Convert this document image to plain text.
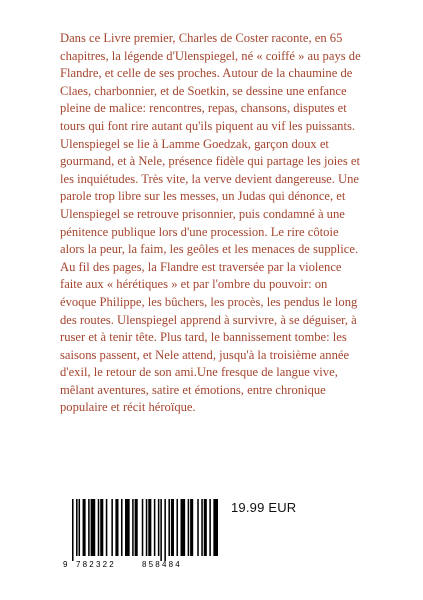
Dans ce Livre premier, Charles de Coster raconte, en 65 chapitres, la légende d'Ulenspiegel, né « coiffé » au pays de Flandre, et celle de ses proches. Autour de la chaumine de Claes, charbonnier, et de Soetkin, se dessine une enfance pleine de malice: rencontres, repas, chansons, disputes et tours qui font rire autant qu'ils piquent au vif les puissants.

Ulenspiegel se lie à Lamme Goedzak, garçon doux et gourmand, et à Nele, présence fidèle qui partage les joies et les inquiétudes. Très vite, la verve devient dangereuse. Une parole trop libre sur les messes, un Judas qui dénonce, et Ulenspiegel se retrouve prisonnier, puis condamné à une pénitence publique lors d'une procession. Le rire côtoie alors la peur, la faim, les geôles et les menaces de supplice.

Au fil des pages, la Flandre est traversée par la violence faite aux « hérétiques » et par l'ombre du pouvoir: on évoque Philippe, les bûchers, les procès, les pendus le long des routes. Ulenspiegel apprend à survivre, à se déguiser, à ruser et à tenir tête. Plus tard, le bannissement tombe: les saisons passent, et Nele attend, jusqu'à la troisième année d'exil, le retour de son ami.Une fresque de langue vive, mêlant aventures, satire et émotions, entre chronique populaire et récit héroïque.

9 782322	858484
19.99 EUR
